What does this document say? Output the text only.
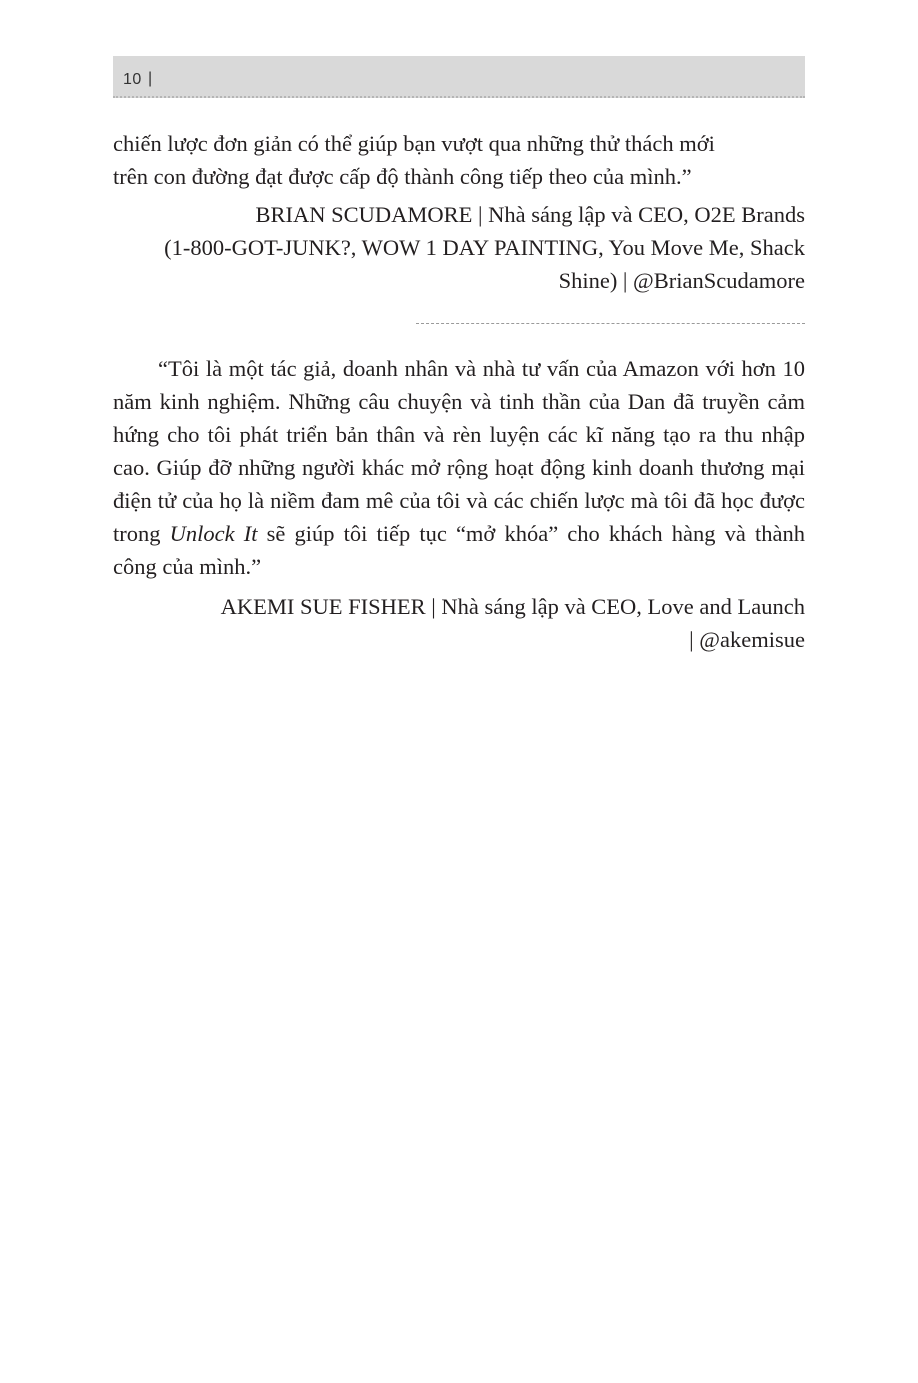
10 |

chiến lược đơn giản có thể giúp bạn vượt qua những thử thách mới

trên con đường đạt được cấp độ thành công tiếp theo của mình.”

BRIAN SCUDAMORE | Nhà sáng lập và CEO, O2E Brands

(1-800-GOT-JUNK?, WOW 1 DAY PAINTING, You Move Me, Shack

Shine) | @BrianScudamore

“Tôi là một tác giả, doanh nhân và nhà tư vấn của Amazon với hơn 10 năm kinh nghiệm. Những câu chuyện và tinh thần của Dan đã truyền cảm hứng cho tôi phát triển bản thân và rèn luyện các kĩ năng tạo ra thu nhập cao. Giúp đỡ những người khác mở rộng hoạt động kinh doanh thương mại điện tử của họ là niềm đam mê của tôi và các chiến lược mà tôi đã học được trong Unlock It sẽ giúp tôi tiếp tục “mở khóa” cho khách hàng và thành công của mình.”

AKEMI SUE FISHER | Nhà sáng lập và CEO, Love and Launch

| @akemisue
